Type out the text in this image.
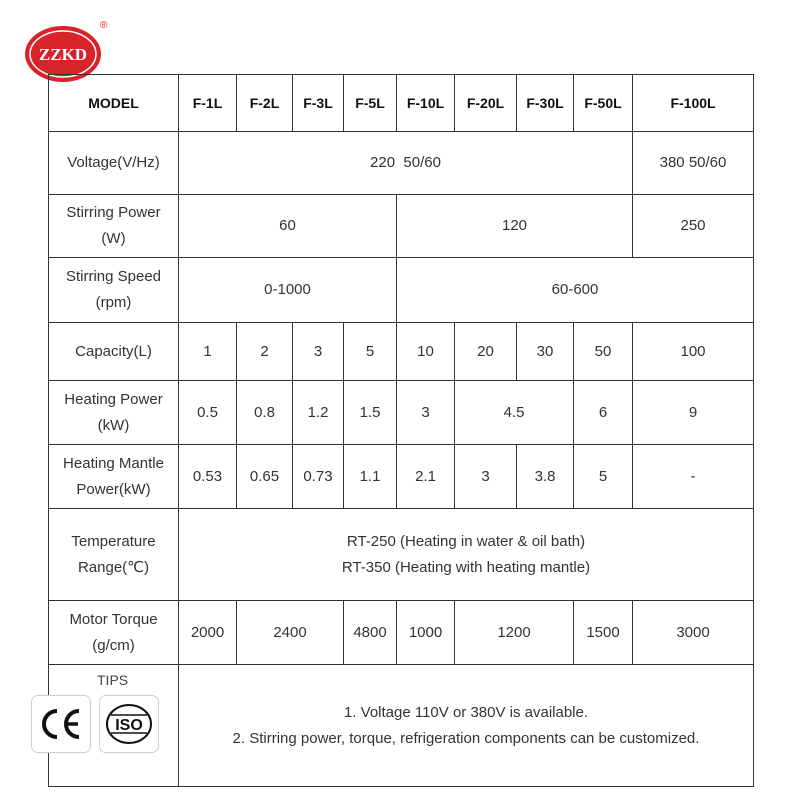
ZZKD
®
MODEL	F-1L	F-2L	F-3L	F-5L	F-10L	F-20L	F-30L	F-50L	F-100L
Voltage(V/Hz)	220  50/60								380 50/60
Stirring Power (W)	60				120				250
Stirring Speed (rpm)	0-1000				60-600				
Capacity(L)	1	2	3	5	10	20	30	50	100
Heating Power (kW)	0.5	0.8	1.2	1.5	3	4.5		6	9
Heating Mantle Power(kW)	0.53	0.65	0.73	1.1	2.1	3	3.8	5	-
Temperature Range(℃)	RT-250 (Heating in water & oil bath)
RT-350 (Heating with heating mantle)								

Motor Torque (g/cm)	2000	2400		4800	1000	1200		1500	3000

TIPS
ISO	1. Voltage 110V or 380V is available.
2. Stirring power, torque, refrigeration components can be customized.								
